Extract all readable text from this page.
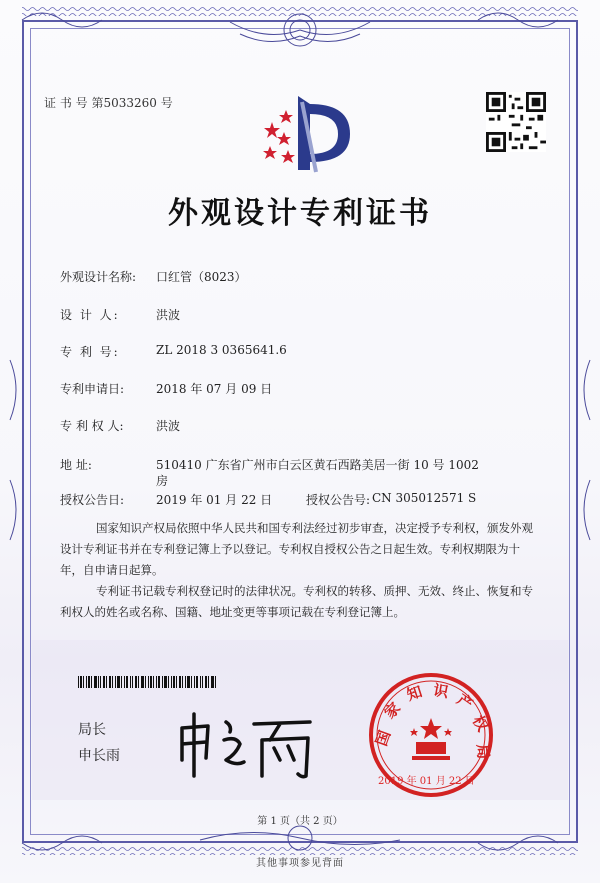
证 书 号 第5033260 号
外观设计专利证书
外观设计名称: 口红管（8023）
设 计 人:	洪波
专 利 号:	ZL 2018 3 0365641.6
专利申请日:	2018 年 07 月 09 日
专 利 权 人:	洪波
地 址:	510410 广东省广州市白云区黄石西路美居一街 10 号 1002
房
授权公告日:	2019 年 01 月 22 日	授权公告号: CN 305012571 S
国家知识产权局依照中华人民共和国专利法经过初步审查，决定授予专利权，颁发外观
设计专利证书并在专利登记簿上予以登记。专利权自授权公告之日起生效。专利权期限为十
年，自申请日起算。
专利证书记载专利权登记时的法律状况。专利权的转移、质押、无效、终止、恢复和专
利权人的姓名或名称、国籍、地址变更等事项记载在专利登记簿上。
局长
申长雨
国
家
知 识 产
权
局
2019 年 01 月 22 日
第 1 页（共 2 页）
其他事项参见背面
